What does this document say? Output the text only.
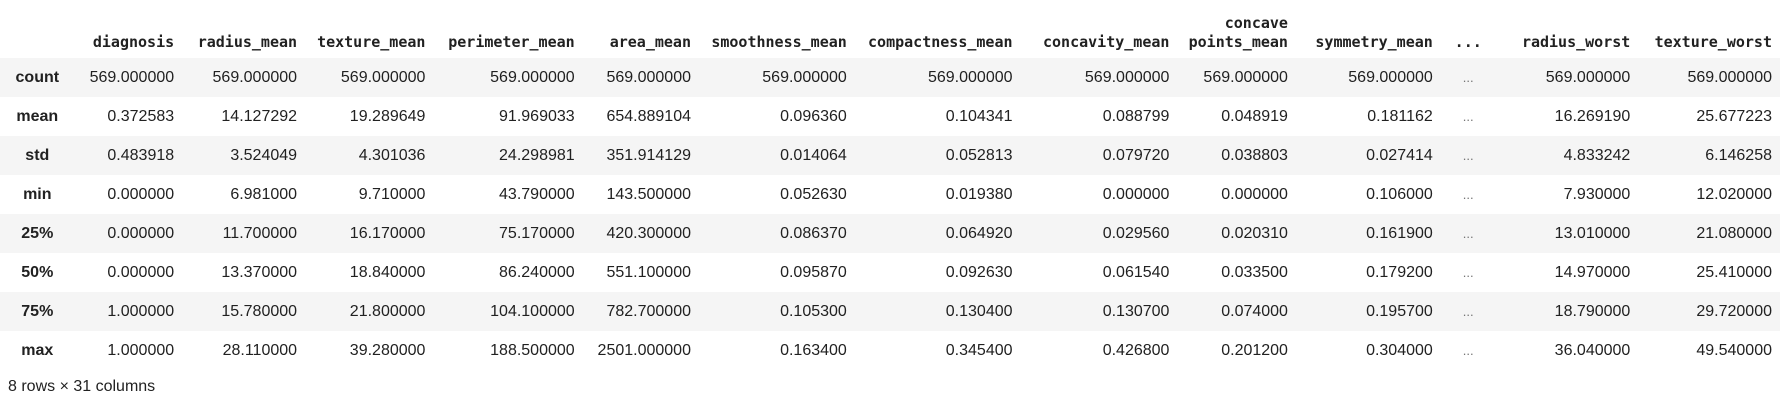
	diagnosis	radius_mean	texture_mean	perimeter_mean	area_mean	smoothness_mean	compactness_mean	concavity_mean	concave points_mean	symmetry_mean	...	radius_worst	texture_worst
count	569.000000	569.000000	569.000000	569.000000	569.000000	569.000000	569.000000	569.000000	569.000000	569.000000	...	569.000000	569.000000
mean	0.372583	14.127292	19.289649	91.969033	654.889104	0.096360	0.104341	0.088799	0.048919	0.181162	...	16.269190	25.677223
std	0.483918	3.524049	4.301036	24.298981	351.914129	0.014064	0.052813	0.079720	0.038803	0.027414	...	4.833242	6.146258
min	0.000000	6.981000	9.710000	43.790000	143.500000	0.052630	0.019380	0.000000	0.000000	0.106000	...	7.930000	12.020000
25%	0.000000	11.700000	16.170000	75.170000	420.300000	0.086370	0.064920	0.029560	0.020310	0.161900	...	13.010000	21.080000
50%	0.000000	13.370000	18.840000	86.240000	551.100000	0.095870	0.092630	0.061540	0.033500	0.179200	...	14.970000	25.410000
75%	1.000000	15.780000	21.800000	104.100000	782.700000	0.105300	0.130400	0.130700	0.074000	0.195700	...	18.790000	29.720000
max	1.000000	28.110000	39.280000	188.500000	2501.000000	0.163400	0.345400	0.426800	0.201200	0.304000	...	36.040000	49.540000
8 rows × 31 columns
